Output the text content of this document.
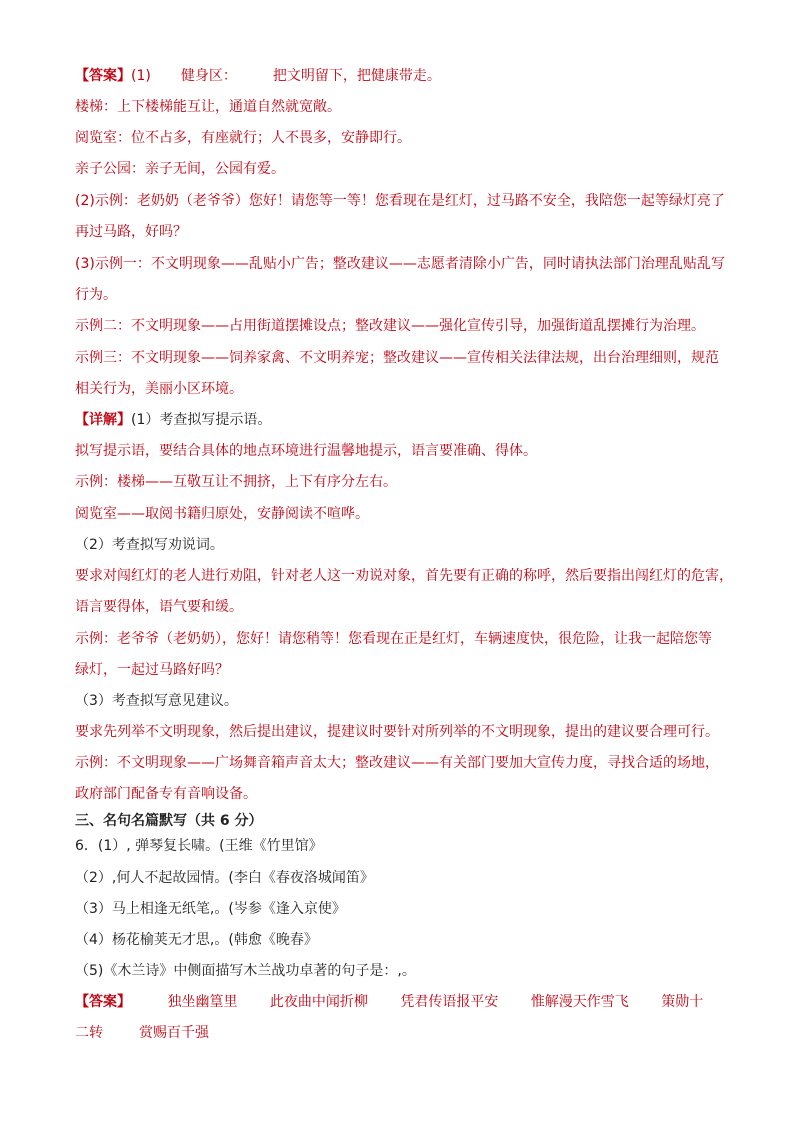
【答案】(1) 健身区：	把文明留下，把健康带走。
楼梯：上下楼梯能互让，通道自然就宽敞。
阅览室：位不占多，有座就行；人不畏多，安静即行。
亲子公园：亲子无间，公园有爱。
(2)示例：老奶奶（老爷爷）您好！请您等一等！您看现在是红灯，过马路不安全，我陪您一起等绿灯亮了
再过马路，好吗？
(3)示例一：不文明现象——乱贴小广告；整改建议——志愿者清除小广告，同时请执法部门治理乱贴乱写
行为。
示例二：不文明现象——占用街道摆摊设点；整改建议——强化宣传引导，加强街道乱摆摊行为治理。
示例三：不文明现象——饲养家禽、不文明养宠；整改建议——宣传相关法律法规，出台治理细则，规范
相关行为，美丽小区环境。
【详解】(1）考查拟写提示语。
拟写提示语，要结合具体的地点环境进行温馨地提示，语言要准确、得体。
示例：楼梯——互敬互让不拥挤，上下有序分左右。
阅览室——取阅书籍归原处，安静阅读不喧哗。
（2）考查拟写劝说词。
要求对闯红灯的老人进行劝阻，针对老人这一劝说对象，首先要有正确的称呼，然后要指出闯红灯的危害，
语言要得体，语气要和缓。
示例：老爷爷（老奶奶），您好！请您稍等！您看现在正是红灯，车辆速度快，很危险，让我一起陪您等
绿灯，一起过马路好吗？
（3）考查拟写意见建议。
要求先列举不文明现象，然后提出建议，提建议时要针对所列举的不文明现象，提出的建议要合理可行。
示例：不文明现象——广场舞音箱声音太大；整改建议——有关部门要加大宣传力度，寻找合适的场地，
政府部门配备专有音响设备。
三、名句名篇默写（共 6 分）
6．(1）, 弹琴复长啸。(王维《竹里馆》
（2）,何人不起故园情。(李白《春夜洛城闻笛》
（3）马上相逢无纸笔,。(岑参《逢入京使》
（4）杨花榆荚无才思,。(韩愈《晚春》
（5)《木兰诗》中侧面描写木兰战功卓著的句子是：,。
【答案】	独坐幽篁里 此夜曲中闻折柳 凭君传语报平安 惟解漫天作雪飞 策勋十
二转	赏赐百千强
